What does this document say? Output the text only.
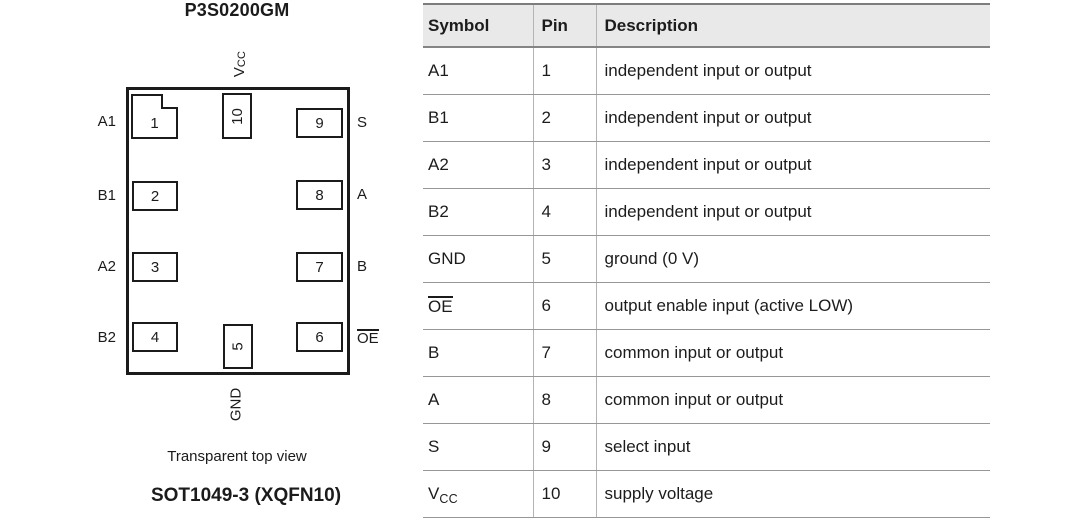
P3S0200GM
V
CC
1
2
3
4
9
8
7
6
10
5
A1
B1
A2
B2
S
A
B
OE
GND
Transparent top view
SOT1049-3 (XQFN10)
Symbol	Pin	Description
A1	1	independent input or output
B1	2	independent input or output
A2	3	independent input or output
B2	4	independent input or output
GND	5	ground (0 V)
OE	6	output enable input (active LOW)
B	7	common input or output
A	8	common input or output
S	9	select input
$V_{CC}$	10	supply voltage
